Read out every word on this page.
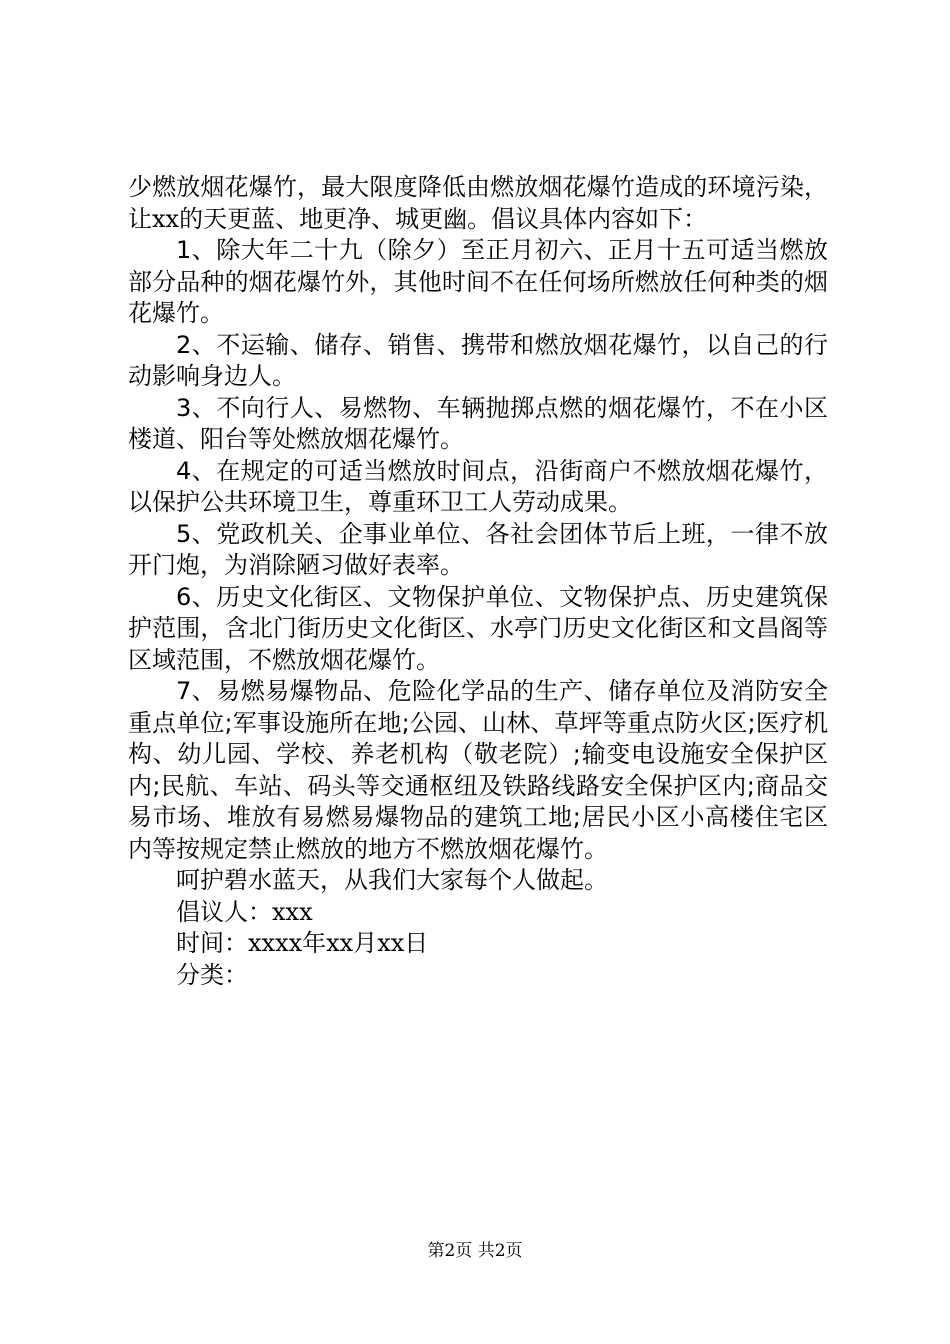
少燃放烟花爆竹，最大限度降低由燃放烟花爆竹造成的环境污染，让xx的天更蓝、地更净、城更幽。倡议具体内容如下：

1、除大年二十九（除夕）至正月初六、正月十五可适当燃放部分品种的烟花爆竹外，其他时间不在任何场所燃放任何种类的烟花爆竹。

2、不运输、储存、销售、携带和燃放烟花爆竹，以自己的行动影响身边人。

3、不向行人、易燃物、车辆抛掷点燃的烟花爆竹，不在小区楼道、阳台等处燃放烟花爆竹。

4、在规定的可适当燃放时间点，沿街商户不燃放烟花爆竹，以保护公共环境卫生，尊重环卫工人劳动成果。

5、党政机关、企事业单位、各社会团体节后上班，一律不放开门炮，为消除陋习做好表率。

6、历史文化街区、文物保护单位、文物保护点、历史建筑保护范围，含北门街历史文化街区、水亭门历史文化街区和文昌阁等区域范围，不燃放烟花爆竹。

7、易燃易爆物品、危险化学品的生产、储存单位及消防安全重点单位;军事设施所在地;公园、山林、草坪等重点防火区;医疗机构、幼儿园、学校、养老机构（敬老院）;输变电设施安全保护区内;民航、车站、码头等交通枢纽及铁路线路安全保护区内;商品交易市场、堆放有易燃易爆物品的建筑工地;居民小区小高楼住宅区内等按规定禁止燃放的地方不燃放烟花爆竹。

呵护碧水蓝天，从我们大家每个人做起。

倡议人：xxx

时间：xxxx年xx月xx日

分类：

第2页 共2页
